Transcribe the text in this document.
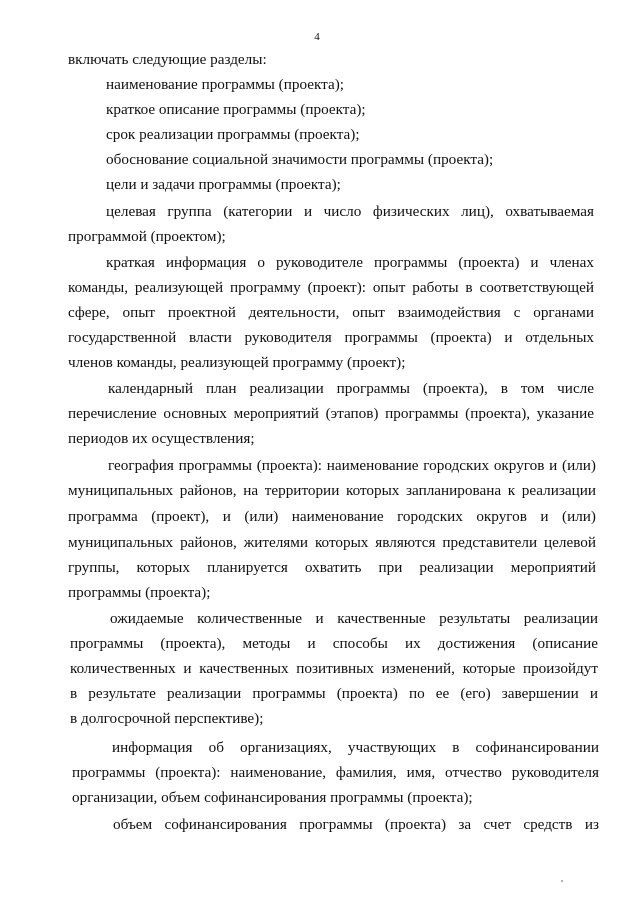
4
включать следующие разделы:
наименование программы (проекта);
краткое описание программы (проекта);
срок реализации программы (проекта);
обоснование социальной значимости программы (проекта);
цели и задачи программы (проекта);
целевая группа (категории и число физических лиц), охватываемая
программой (проектом);
краткая информация о руководителе программы (проекта) и членах
команды, реализующей программу (проект): опыт работы в соответствующей
сфере, опыт проектной деятельности, опыт взаимодействия с органами
государственной власти руководителя программы (проекта) и отдельных
членов команды, реализующей программу (проект);
календарный план реализации программы (проекта), в том числе
перечисление основных мероприятий (этапов) программы (проекта), указание
периодов их осуществления;
география программы (проекта): наименование городских округов и (или)
муниципальных районов, на территории которых запланирована к реализации
программа (проект), и (или) наименование городских округов и (или)
муниципальных районов, жителями которых являются представители целевой
группы, которых планируется охватить при реализации мероприятий
программы (проекта);
ожидаемые количественные и качественные результаты реализации
программы (проекта), методы и способы их достижения (описание
количественных и качественных позитивных изменений, которые произойдут
в результате реализации программы (проекта) по ее (его) завершении и
в долгосрочной перспективе);
информация об организациях, участвующих в софинансировании
программы (проекта): наименование, фамилия, имя, отчество руководителя
организации, объем софинансирования программы (проекта);
объем софинансирования программы (проекта) за счет средств из
